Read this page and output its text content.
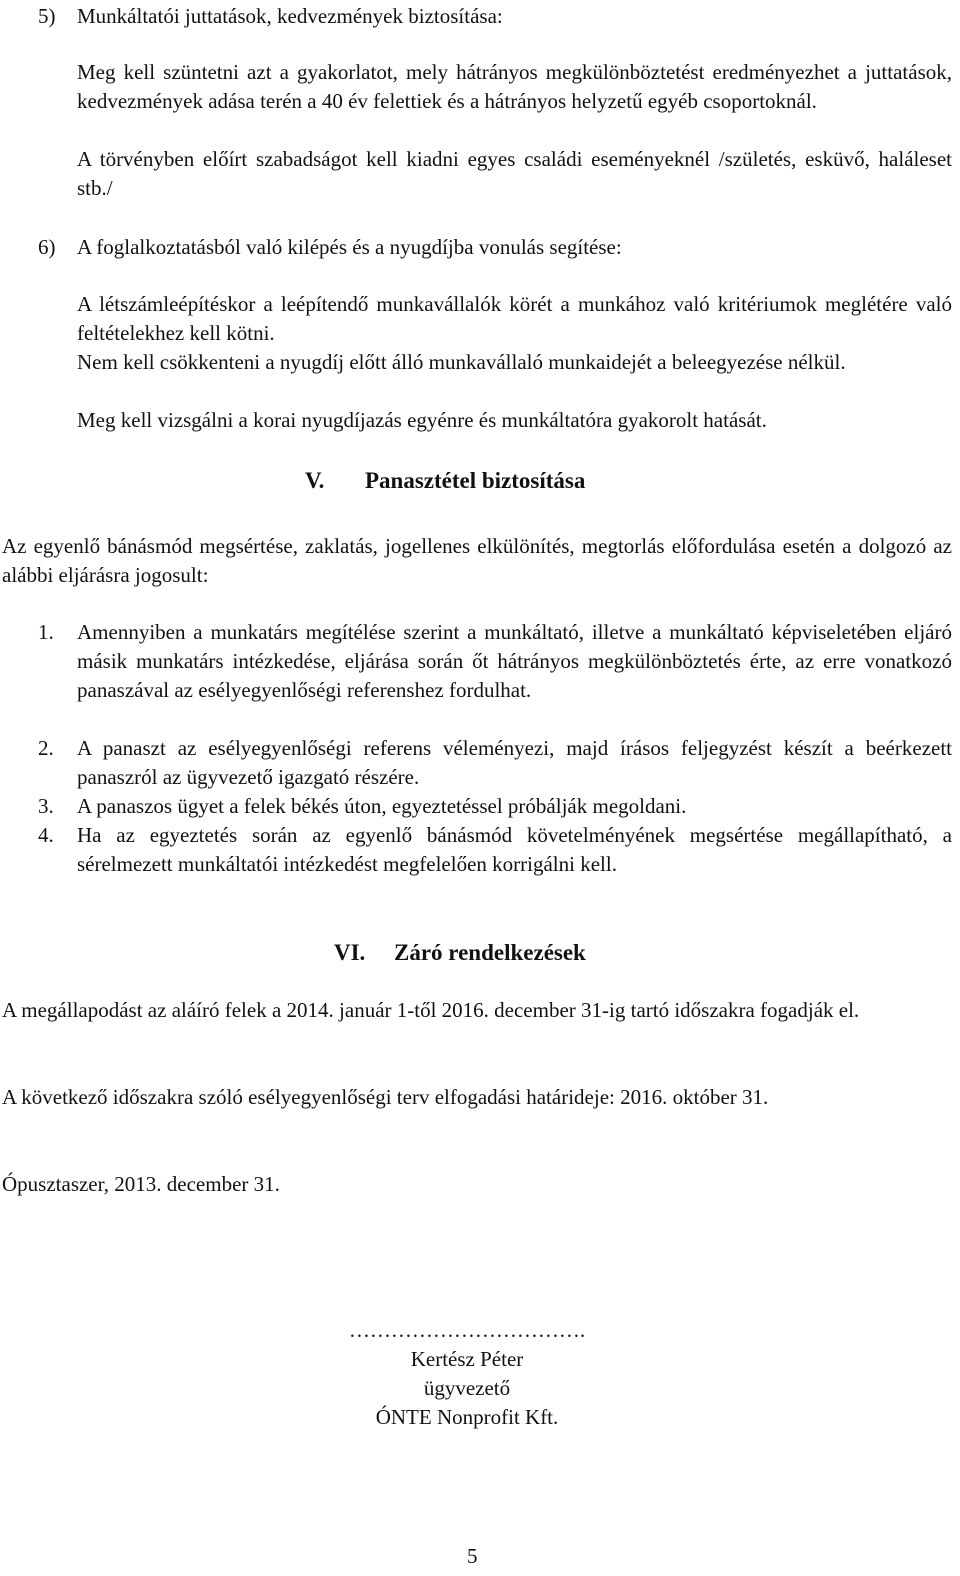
5) Munkáltatói juttatások, kedvezmények biztosítása:

Meg kell szüntetni azt a gyakorlatot, mely hátrányos megkülönböztetést eredményezhet a juttatások, kedvezmények adása terén a 40 év felettiek és a hátrányos helyzetű egyéb csoportoknál.

A törvényben előírt szabadságot kell kiadni egyes családi eseményeknél /születés, esküvő, haláleset stb./

6) A foglalkoztatásból való kilépés és a nyugdíjba vonulás segítése:

A létszámleépítéskor a leépítendő munkavállalók körét a munkához való kritériumok meglétére való feltételekhez kell kötni.

Nem kell csökkenteni a nyugdíj előtt álló munkavállaló munkaidejét a beleegyezése nélkül.

Meg kell vizsgálni a korai nyugdíjazás egyénre és munkáltatóra gyakorolt hatását.

V. Panasztétel biztosítása

Az egyenlő bánásmód megsértése, zaklatás, jogellenes elkülönítés, megtorlás előfordulása esetén a dolgozó az alábbi eljárásra jogosult:

1. Amennyiben a munkatárs megítélése szerint a munkáltató, illetve a munkáltató képviseletében eljáró másik munkatárs intézkedése, eljárása során őt hátrányos megkülönböztetés érte, az erre vonatkozó panaszával az esélyegyenlőségi referenshez fordulhat.

2. A panaszt az esélyegyenlőségi referens véleményezi, majd írásos feljegyzést készít a beérkezett panaszról az ügyvezető igazgató részére.

3. A panaszos ügyet a felek békés úton, egyeztetéssel próbálják megoldani.

4. Ha az egyeztetés során az egyenlő bánásmód követelményének megsértése megállapítható, a sérelmezett munkáltatói intézkedést megfelelően korrigálni kell.

VI. Záró rendelkezések

A megállapodást az aláíró felek a 2014. január 1-től 2016. december 31-ig tartó időszakra fogadják el.

A következő időszakra szóló esélyegyenlőségi terv elfogadási határideje: 2016. október 31.

Ópusztaszer, 2013. december 31.

…………………………….
Kertész Péter
ügyvezető
ÓNTE Nonprofit Kft.
5
